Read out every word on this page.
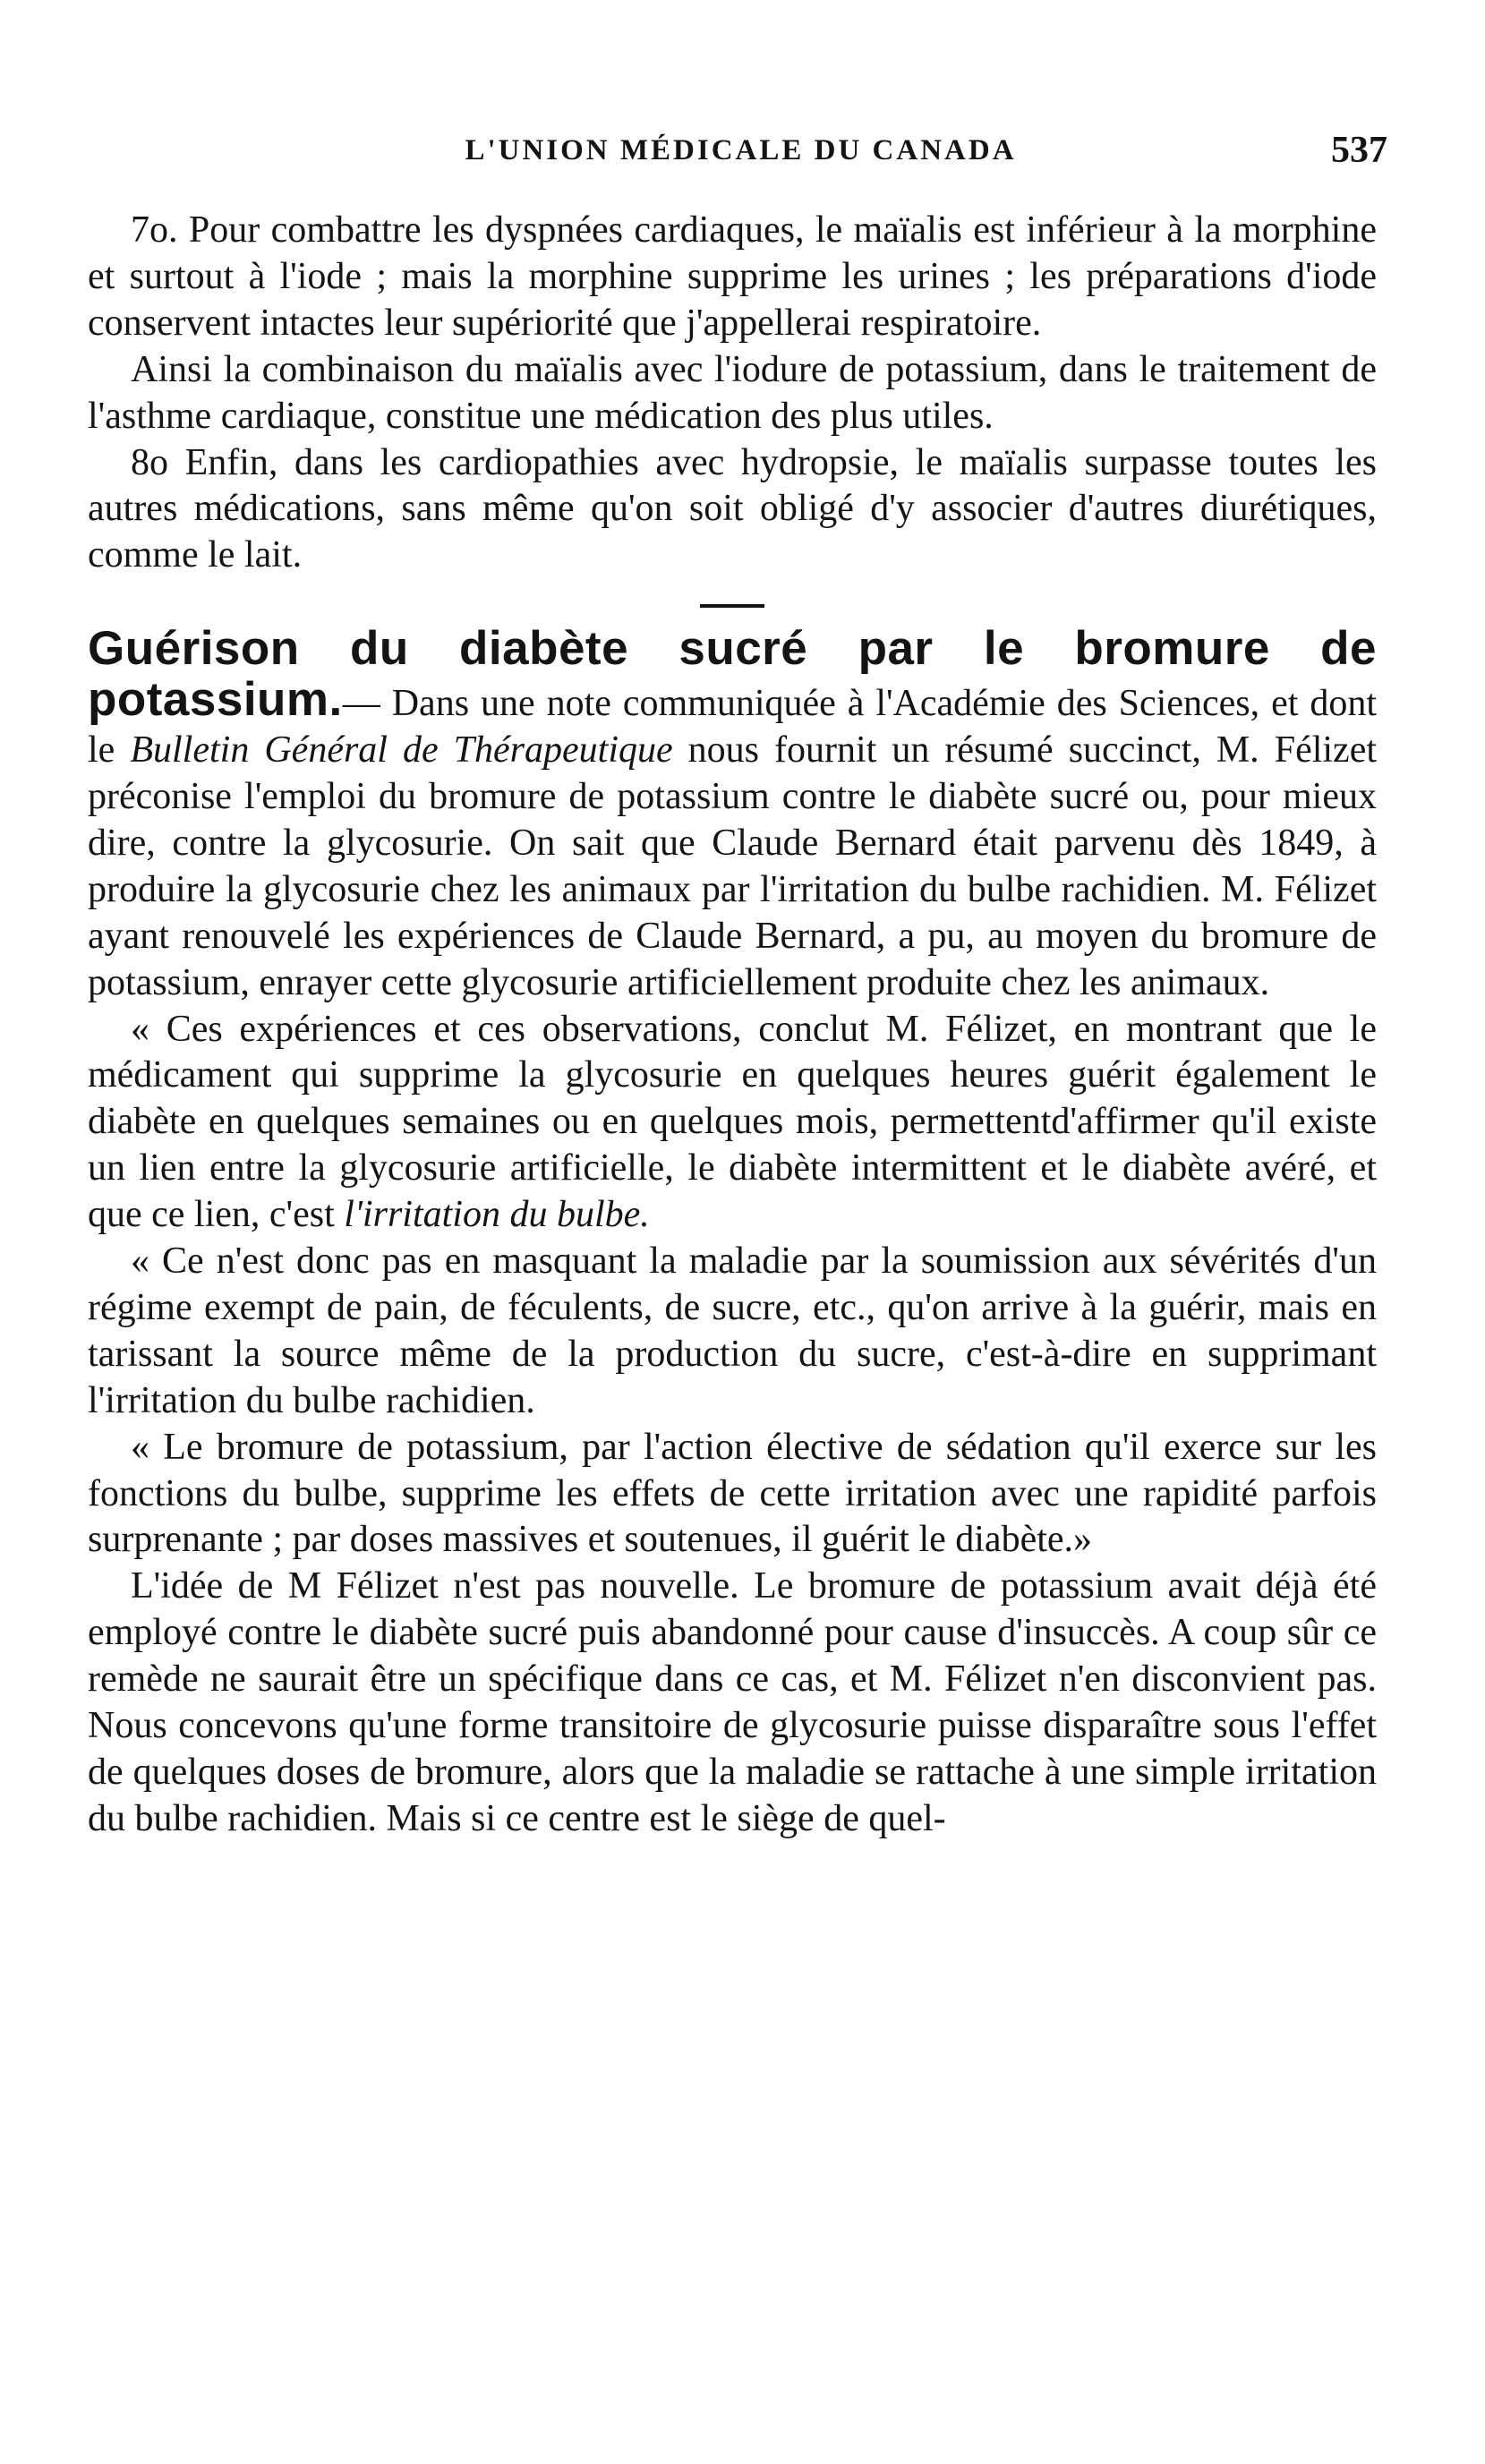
L'UNION MÉDICALE DU CANADA	537

7o. Pour combattre les dyspnées cardiaques, le maïalis est inférieur à la morphine et surtout à l'iode ; mais la morphine supprime les urines ; les préparations d'iode conservent intactes leur supériorité que j'appellerai respiratoire.

Ainsi la combinaison du maïalis avec l'iodure de potassium, dans le traitement de l'asthme cardiaque, constitue une médication des plus utiles.

8o Enfin, dans les cardiopathies avec hydropsie, le maïalis surpasse toutes les autres médications, sans même qu'on soit obligé d'y associer d'autres diurétiques, comme le lait.

Guérison du diabète sucré par le bromure de potassium.— Dans une note communiquée à l'Académie des Sciences, et dont le Bulletin Général de Thérapeutique nous fournit un résumé succinct, M. Félizet préconise l'emploi du bromure de potassium contre le diabète sucré ou, pour mieux dire, contre la glycosurie. On sait que Claude Bernard était parvenu dès 1849, à produire la glycosurie chez les animaux par l'irritation du bulbe rachidien. M. Félizet ayant renouvelé les expériences de Claude Bernard, a pu, au moyen du bromure de potassium, enrayer cette glycosurie artificiellement produite chez les animaux.

« Ces expériences et ces observations, conclut M. Félizet, en montrant que le médicament qui supprime la glycosurie en quelques heures guérit également le diabète en quelques semaines ou en quelques mois, permettentd'affirmer qu'il existe un lien entre la glycosurie artificielle, le diabète intermittent et le diabète avéré, et que ce lien, c'est l'irritation du bulbe.

« Ce n'est donc pas en masquant la maladie par la soumission aux sévérités d'un régime exempt de pain, de féculents, de sucre, etc., qu'on arrive à la guérir, mais en tarissant la source même de la production du sucre, c'est-à-dire en supprimant l'irritation du bulbe rachidien.

« Le bromure de potassium, par l'action élective de sédation qu'il exerce sur les fonctions du bulbe, supprime les effets de cette irritation avec une rapidité parfois surprenante ; par doses massives et soutenues, il guérit le diabète.»

L'idée de M Félizet n'est pas nouvelle. Le bromure de potassium avait déjà été employé contre le diabète sucré puis abandonné pour cause d'insuccès. A coup sûr ce remède ne saurait être un spécifique dans ce cas, et M. Félizet n'en disconvient pas. Nous concevons qu'une forme transitoire de glycosurie puisse disparaître sous l'effet de quelques doses de bromure, alors que la maladie se rattache à une simple irritation du bulbe rachidien. Mais si ce centre est le siège de quel-
